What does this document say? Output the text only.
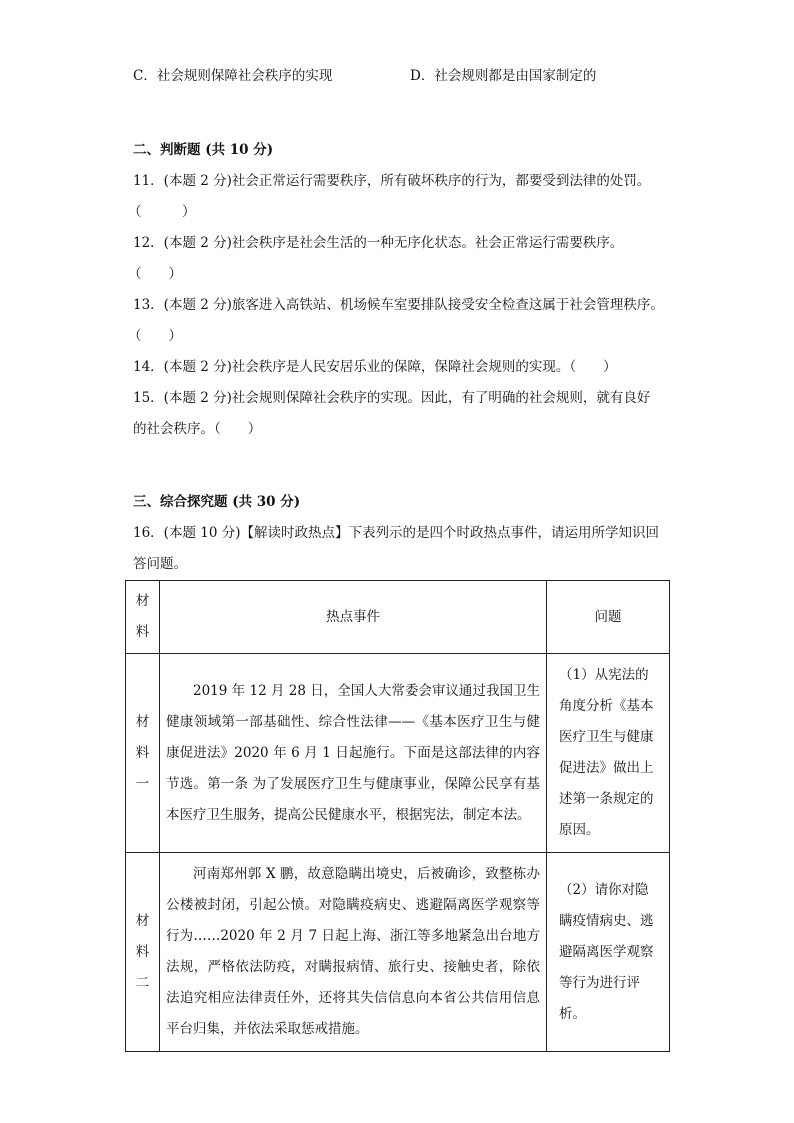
C．社会规则保障社会秩序的实现	D．社会规则都是由国家制定的
二、判断题 (共 10 分)
11．(本题 2 分)社会正常运行需要秩序，所有破坏秩序的行为，都要受到法律的处罚。
（　　　）
12．(本题 2 分)社会秩序是社会生活的一种无序化状态。社会正常运行需要秩序。
（　　）
13．(本题 2 分)旅客进入高铁站、机场候车室要排队接受安全检查这属于社会管理秩序。
（　　）
14．(本题 2 分)社会秩序是人民安居乐业的保障，保障社会规则的实现。（　　）
15．(本题 2 分)社会规则保障社会秩序的实现。因此，有了明确的社会规则，就有良好
的社会秩序。（　　）
三、综合探究题 (共 30 分)
16．(本题 10 分)【解读时政热点】下表列示的是四个时政热点事件，请运用所学知识回
答问题。
材
料	热点事件	问题

材
料
一	2019 年 12 月 28 日，全国人大常委会审议通过我国卫生健康领域第一部基础性、综合性法律——《基本医疗卫生与健康促进法》2020 年 6 月 1 日起施行。下面是这部法律的内容节选。第一条 为了发展医疗卫生与健康事业，保障公民享有基本医疗卫生服务，提高公民健康水平，根据宪法，制定本法。	（1）从宪法的角度分析《基本医疗卫生与健康促进法》做出上述第一条规定的原因。

材
料
二	河南郑州郭 X 鹏，故意隐瞒出境史，后被确诊，致整栋办公楼被封闭，引起公愤。对隐瞒疫病史、逃避隔离医学观察等行为……2020 年 2 月 7 日起上海、浙江等多地紧急出台地方法规，严格依法防疫，对瞒报病情、旅行史、接触史者，除依法追究相应法律责任外，还将其失信信息向本省公共信用信息平台归集，并依法采取惩戒措施。	（2）请你对隐瞒疫情病史、逃避隔离医学观察等行为进行评析。
